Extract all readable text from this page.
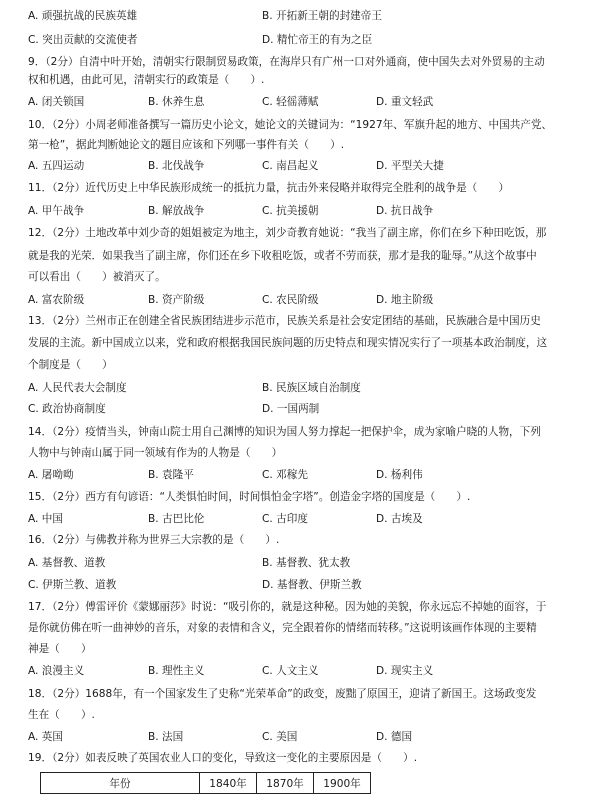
A. 顽强抗战的民族英雄	B. 开拓新王朝的封建帝王
C. 突出贡献的交流使者	D. 精忙帝王的有为之臣
9．（2分）自清中叶开始，清朝实行限制贸易政策，在海岸只有广州一口对外通商，使中国失去对外贸易的主动
权和机遇，由此可见，清朝实行的政策是（　　）.
A. 闭关锁国	B. 休养生息	C. 轻徭薄赋	D. 重文轻武
10．（2分）小周老师准备撰写一篇历史小论文，她论文的关键词为：“1927年、军旗升起的地方、中国共产党、
第一枪”，据此判断她论文的题目应该和下列哪一事件有关（　　）.
A. 五四运动	B. 北伐战争	C. 南昌起义	D. 平型关大捷
11．（2分）近代历史上中华民族形成统一的抵抗力量，抗击外来侵略并取得完全胜利的战争是（　　）
A. 甲午战争	B. 解放战争	C. 抗美援朝	D. 抗日战争
12．（2分）土地改革中刘少奇的姐姐被定为地主，刘少奇教育她说：“我当了副主席，你们在乡下种田吃饭，那
就是我的光荣．如果我当了副主席，你们还在乡下收租吃饭，或者不劳而获，那才是我的耻辱。”从这个故事中
可以看出（　　）被消灭了。
A. 富农阶级	B. 资产阶级	C. 农民阶级	D. 地主阶级
13．（2分）兰州市正在创建全省民族团结进步示范市，民族关系是社会安定团结的基础，民族融合是中国历史
发展的主流。新中国成立以来，党和政府根据我国民族问题的历史特点和现实情况实行了一项基本政治制度，这
个制度是（　　）
A. 人民代表大会制度	B. 民族区域自治制度
C. 政治协商制度	D. 一国两制
14．（2分）疫情当头，钟南山院士用自己渊博的知识为国人努力撑起一把保护伞，成为家喻户晓的人物，下列
人物中与钟南山属于同一领域有作为的人物是（　　）
A. 屠呦呦	B. 袁隆平	C. 邓稼先	D. 杨利伟
15．（2分）西方有句谚语：“人类惧怕时间，时间惧怕金字塔”。创造金字塔的国度是（　　）.
A. 中国	B. 古巴比伦	C. 古印度	D. 古埃及
16．（2分）与佛教并称为世界三大宗教的是（　　）.
A. 基督教、道教	B. 基督教、犹太教
C. 伊斯兰教、道教	D. 基督教、伊斯兰教
17．（2分）傅雷评价《蒙娜丽莎》时说：“吸引你的，就是这种秘。因为她的美貌，你永远忘不掉她的面容，于
是你就仿佛在听一曲神妙的音乐，对象的表情和含义，完全跟着你的情绪而转移。”这说明该画作体现的主要精
神是（　　）
A. 浪漫主义	B. 理性主义	C. 人文主义	D. 现实主义
18．（2分）1688年，有一个国家发生了史称“光荣革命”的政变，废黜了原国王，迎请了新国王。这场政变发
生在（　　）.
A. 英国	B. 法国	C. 美国	D. 德国
19．（2分）如表反映了英国农业人口的变化，导致这一变化的主要原因是（　　）.
年份	1840年	1870年	1900年
